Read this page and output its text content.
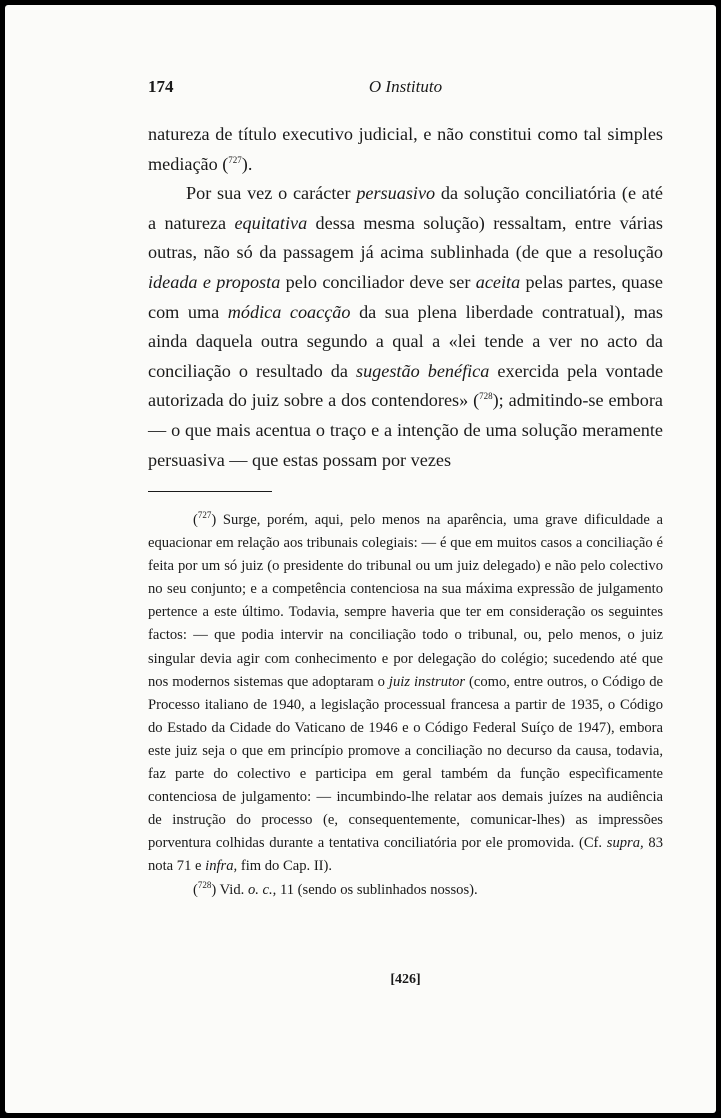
174	O Instituto

natureza de título executivo judicial, e não constitui como tal simples mediação ($^{727}$).

Por sua vez o carácter persuasivo da solução conciliatória (e até a natureza equitativa dessa mesma solução) ressaltam, entre várias outras, não só da passagem já acima sublinhada (de que a resolução ideada e proposta pelo conciliador deve ser aceita pelas partes, quase com uma módica coacção da sua plena liberdade contratual), mas ainda daquela outra segundo a qual a «lei tende a ver no acto da conciliação o resultado da sugestão benéfica exercida pela vontade autorizada do juiz sobre a dos contendores» ($^{728}$); admitindo-se embora — o que mais acentua o traço e a intenção de uma solução meramente persuasiva — que estas possam por vezes

($^{727}$) Surge, porém, aqui, pelo menos na aparência, uma grave dificuldade a equacionar em relação aos tribunais colegiais: — é que em muitos casos a conciliação é feita por um só juiz (o presidente do tribunal ou um juiz delegado) e não pelo colectivo no seu conjunto; e a competência contenciosa na sua máxima expressão de julgamento pertence a este último. Todavia, sempre haveria que ter em consideração os seguintes factos: — que podia intervir na conciliação todo o tribunal, ou, pelo menos, o juiz singular devia agir com conhecimento e por delegação do colégio; sucedendo até que nos modernos sistemas que adoptaram o juiz instrutor (como, entre outros, o Código de Processo italiano de 1940, a legislação processual francesa a partir de 1935, o Código do Estado da Cidade do Vaticano de 1946 e o Código Federal Suíço de 1947), embora este juiz seja o que em princípio promove a conciliação no decurso da causa, todavia, faz parte do colectivo e participa em geral também da função especìficamente contenciosa de julgamento: — incumbindo-lhe relatar aos demais juízes na audiência de instrução do processo (e, consequentemente, comunicar-lhes) as impressões porventura colhidas durante a tentativa conciliatória por ele promovida. (Cf. supra, 83 nota 71 e infra, fim do Cap. II).

($^{728}$) Vid. o. c., 11 (sendo os sublinhados nossos).

[426]
